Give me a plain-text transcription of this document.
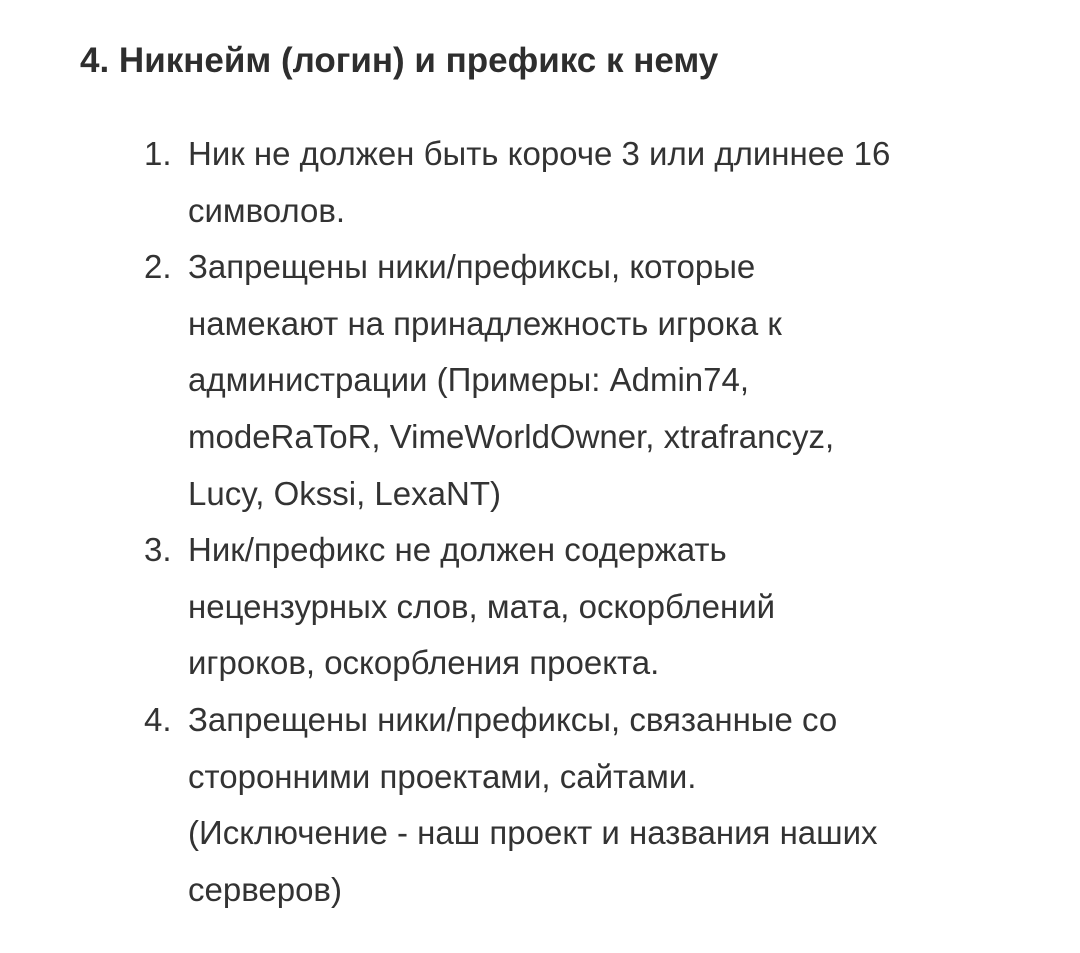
4. Никнейм (логин) и префикс к нему
1. Ник не должен быть короче 3 или длиннее 16
символов.
2. Запрещены ники/префиксы, которые
намекают на принадлежность игрока к
администрации (Примеры: Admin74,
modeRaToR, VimeWorldOwner, xtrafrancyz,
Lucy, Okssi, LexaNT)
3. Ник/префикс не должен содержать
нецензурных слов, мата, оскорблений
игроков, оскорбления проекта.
4. Запрещены ники/префиксы, связанные со
сторонними проектами, сайтами.
(Исключение - наш проект и названия наших
серверов)
